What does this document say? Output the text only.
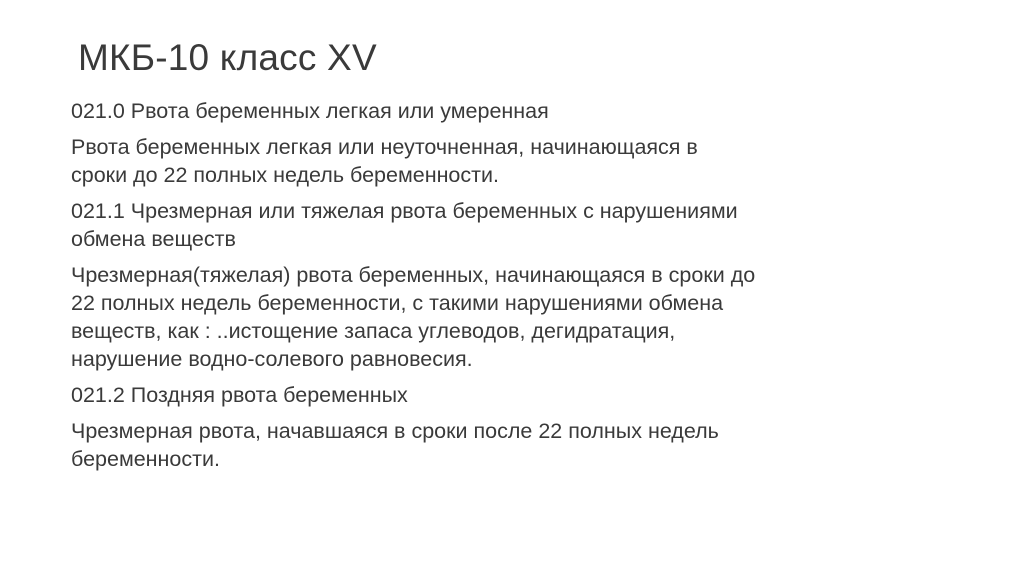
МКБ-10 класс XV

021.0 Рвота беременных легкая или умеренная

Рвота беременных легкая или неуточненная, начинающаяся в
сроки до 22 полных недель беременности.

021.1 Чрезмерная или тяжелая рвота беременных с нарушениями
обмена веществ

Чрезмерная(тяжелая) рвота беременных, начинающаяся в сроки до
22 полных недель беременности, с такими нарушениями обмена
веществ, как : ..истощение запаса углеводов, дегидратация,
нарушение водно-солевого равновесия.

021.2 Поздняя рвота беременных

Чрезмерная рвота, начавшаяся в сроки после 22 полных недель
беременности.
